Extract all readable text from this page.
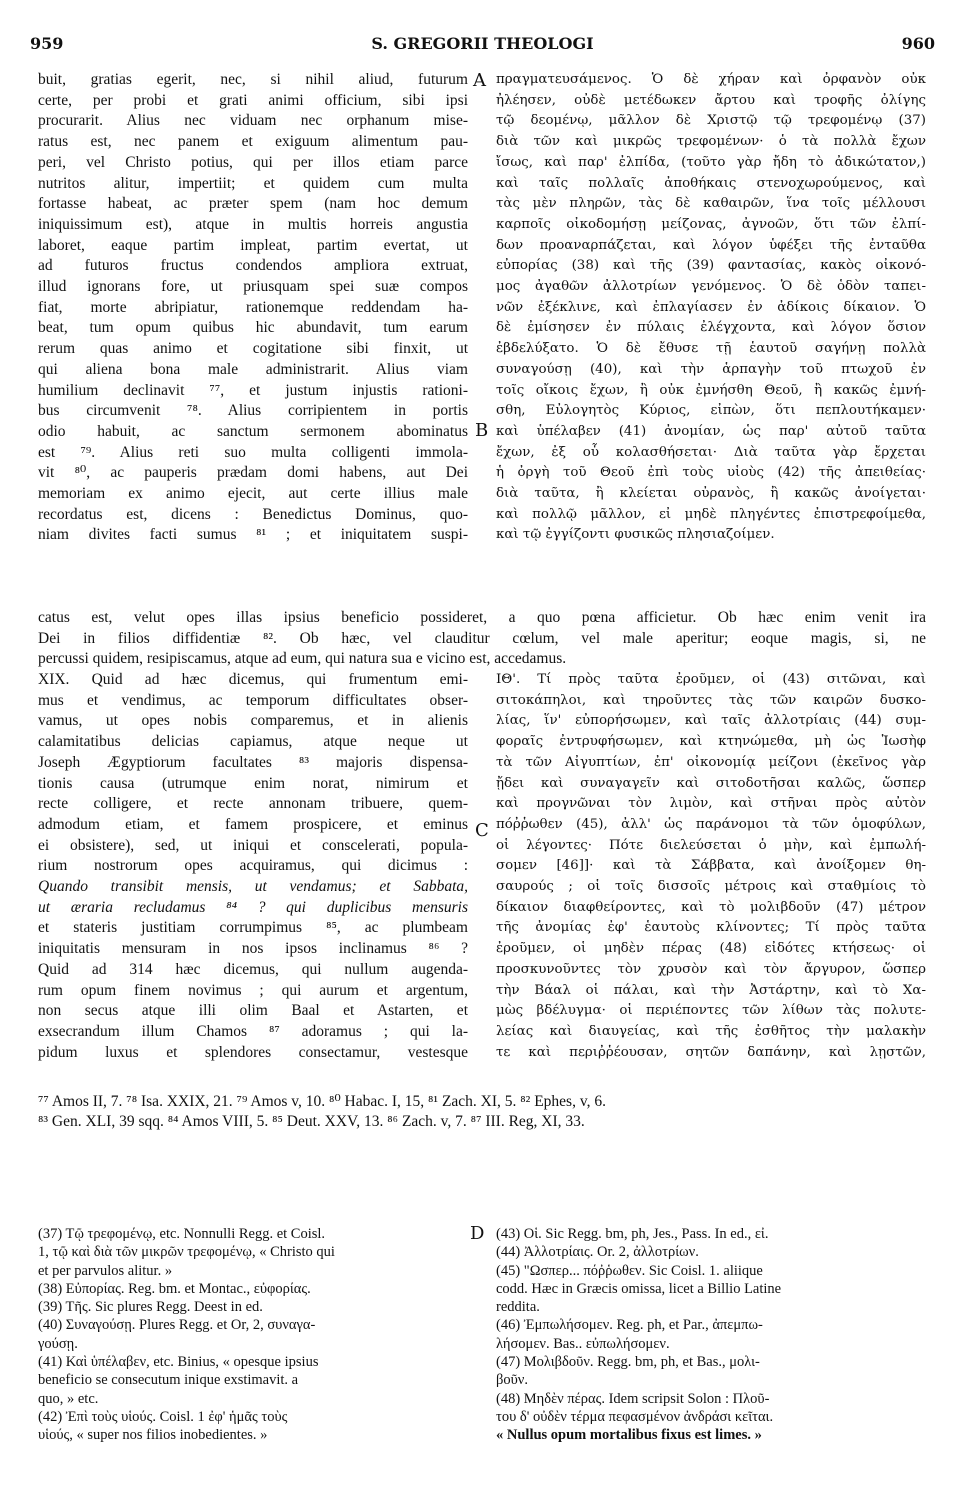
959	S. GREGORII THEOLOGI	960
buit, gratias egerit, nec, si nihil aliud, futurum
certe, per probi et grati animi officium, sibi ipsi
procurarit. Alius nec viduam nec orphanum mise-
ratus est, nec panem et exiguum alimentum pau-
peri, vel Christo potius, qui per illos etiam parce
nutritos alitur, impertiit; et quidem cum multa
fortasse habeat, ac præter spem (nam hoc demum
iniquissimum est), atque in multis horreis angustia
laboret, eaque partim impleat, partim evertat, ut
ad futuros fructus condendos ampliora extruat,
illud ignorans fore, ut priusquam spei suæ compos
fiat, morte abripiatur, rationemque reddendam ha-
beat, tum opum quibus hic abundavit, tum earum
rerum quas animo et cogitatione sibi finxit, ut
qui aliena bona male administrarit. Alius viam
humilium declinavit ⁷⁷, et justum injustis rationi-
bus circumvenit ⁷⁸. Alius corripientem in portis
odio habuit, ac sanctum sermonem abominatus
est ⁷⁹. Alius reti suo multa colligenti immola-
vit ⁸⁰, ac pauperis prædam domi habens, aut Dei
memoriam ex animo ejecit, aut certe illius male
recordatus est, dicens : Benedictus Dominus, quo-
niam divites facti sumus ⁸¹ ; et iniquitatem suspi-
A
B
πραγματευσάμενος. Ὁ δὲ χήραν καὶ ὀρφανὸν οὐκ
ἠλέησεν, οὐδὲ μετέδωκεν ἄρτου καὶ τροφῆς ὀλίγης
τῷ δεομένῳ, μᾶλλον δὲ Χριστῷ τῷ τρεφομένῳ (37)
διὰ τῶν καὶ μικρῶς τρεφομένων· ὁ τὰ πολλὰ ἔχων
ἴσως, καὶ παρ' ἐλπίδα, (τοῦτο γὰρ ἤδη τὸ ἀδικώτατον,)
καὶ ταῖς πολλαῖς ἀποθήκαις στενοχωρούμενος, καὶ
τὰς μὲν πληρῶν, τὰς δὲ καθαιρῶν, ἵνα τοῖς μέλλουσι
καρποῖς οἰκοδομήσῃ μείζονας, ἀγνοῶν, ὅτι τῶν ἐλπί-
δων προαναρπάζεται, καὶ λόγον ὑφέξει τῆς ἐνταῦθα
εὐπορίας (38) καὶ τῆς (39) φαντασίας, κακὸς οἰκονό-
μος ἀγαθῶν ἀλλοτρίων γενόμενος. Ὁ δὲ ὁδὸν ταπει-
νῶν ἐξέκλινε, καὶ ἐπλαγίασεν ἐν ἀδίκοις δίκαιον. Ὁ
δὲ ἐμίσησεν ἐν πύλαις ἐλέγχοντα, καὶ λόγον ὅσιον
ἐβδελύξατο. Ὁ δὲ ἔθυσε τῇ ἑαυτοῦ σαγήνῃ πολλὰ
συναγούσῃ (40), καὶ τὴν ἁρπαγὴν τοῦ πτωχοῦ ἐν
τοῖς οἴκοις ἔχων, ἢ οὐκ ἐμνήσθη Θεοῦ, ἢ κακῶς ἐμνή-
σθη, Εὐλογητὸς Κύριος, εἰπὼν, ὅτι πεπλουτήκαμεν·
καὶ ὑπέλαβεν (41) ἀνομίαν, ὡς παρ' αὐτοῦ ταῦτα
ἔχων, ἐξ οὗ κολασθήσεται· Διὰ ταῦτα γὰρ ἔρχεται
ἡ ὀργὴ τοῦ Θεοῦ ἐπὶ τοὺς υἱοὺς (42) τῆς ἀπειθείας·
διὰ ταῦτα, ἢ κλείεται οὐρανὸς, ἢ κακῶς ἀνοίγεται·
καὶ πολλῷ μᾶλλον, εἰ μηδὲ πληγέντες ἐπιστρεφοίμεθα,
καὶ τῷ ἐγγίζοντι φυσικῶς πλησιαζοίμεν.
catus est, velut opes illas ipsius beneficio possideret, a quo pœna afficietur. Ob hæc enim venit ira
Dei in filios diffidentiæ ⁸². Ob hæc, vel clauditur cœlum, vel male aperitur; eoque magis, si, ne
percussi quidem, resipiscamus, atque ad eum, qui natura sua e vicino est, accedamus.
XIX. Quid ad hæc dicemus, qui frumentum emi-
mus et vendimus, ac temporum difficultates obser-
vamus, ut opes nobis comparemus, et in alienis
calamitatibus delicias capiamus, atque neque ut
Joseph Ægyptiorum facultates ⁸³ majoris dispensa-
tionis causa (utrumque enim norat, nimirum et
recte colligere, et recte annonam tribuere, quem-
admodum etiam, et famem prospicere, et eminus
ei obsistere), sed, ut iniqui et conscelerati, popula-
rium nostrorum opes acquiramus, qui dicimus :
Quando transibit mensis, ut vendamus; et Sabbata,
ut æraria recludamus ⁸⁴ ? qui duplicibus mensuris
et stateris justitiam corrumpimus ⁸⁵, ac plumbeam
iniquitatis mensuram in nos ipsos inclinamus ⁸⁶ ?
Quid ad 314 hæc dicemus, qui nullum augenda-
rum opum finem novimus ; qui aurum et argentum,
non secus atque illi olim Baal et Astarten, et
exsecrandum illum Chamos ⁸⁷ adoramus ; qui la-
pidum luxus et splendores consectamur, vestesque
C
ΙΘ'. Τί πρὸς ταῦτα ἐροῦμεν, οἱ (43) σιτῶναι, καὶ
σιτοκάπηλοι, καὶ τηροῦντες τὰς τῶν καιρῶν δυσκο-
λίας, ἵν' εὐπορήσωμεν, καὶ ταῖς ἀλλοτρίαις (44) συμ-
φοραῖς ἐντρυφήσωμεν, καὶ κτηνώμεθα, μὴ ὡς Ἰωσὴφ
τὰ τῶν Αἰγυπτίων, ἐπ' οἰκονομίᾳ μείζονι (ἐκεῖνος γὰρ
ᾔδει καὶ συναγαγεῖν καὶ σιτοδοτῆσαι καλῶς, ὥσπερ
καὶ προγνῶναι τὸν λιμὸν, καὶ στῆναι πρὸς αὐτὸν
πόῤῥωθεν (45), ἀλλ' ὡς παράνομοι τὰ τῶν ὁμοφύλων,
οἱ λέγοντες· Πότε διελεύσεται ὁ μὴν, καὶ ἐμπωλή-
σομεν [46]]· καὶ τὰ Σάββατα, καὶ ἀνοίξομεν θη-
σαυρούς ; οἱ τοῖς δισσοῖς μέτροις καὶ σταθμίοις τὸ
δίκαιον διαφθείροντες, καὶ τὸ μολιβδοῦν (47) μέτρον
τῆς ἀνομίας ἐφ' ἑαυτοὺς κλίνοντες; Τί πρὸς ταῦτα
ἐροῦμεν, οἱ μηδὲν πέρας (48) εἰδότες κτήσεως· οἱ
προσκυνοῦντες τὸν χρυσὸν καὶ τὸν ἄργυρον, ὥσπερ
τὴν Βάαλ οἱ πάλαι, καὶ τὴν Ἀστάρτην, καὶ τὸ Χα-
μὼς βδέλυγμα· οἱ περιέποντες τῶν λίθων τὰς πολυτε-
λείας καὶ διαυγείας, καὶ τῆς ἐσθῆτος τὴν μαλακὴν
τε καὶ περιῤῥέουσαν, σητῶν δαπάνην, καὶ λῃστῶν,
⁷⁷ Amos II, 7. ⁷⁸ Isa. XXIX, 21. ⁷⁹ Amos v, 10. ⁸⁰ Habac. I, 15, ⁸¹ Zach. XI, 5. ⁸² Ephes, v, 6.
⁸³ Gen. XLI, 39 sqq. ⁸⁴ Amos VIII, 5. ⁸⁵ Deut. XXV, 13. ⁸⁶ Zach. v, 7. ⁸⁷ III. Reg, XI, 33.
D
(37) Τῷ τρεφομένῳ, etc. Nonnulli Regg. et Coisl.
1, τῷ καὶ διὰ τῶν μικρῶν τρεφομένῳ, « Christo qui
et per parvulos alitur. »
(38) Εὐπορίας. Reg. bm. et Montac., εὐφορίας.
(39) Τῆς. Sic plures Regg. Deest in ed.
(40) Συναγούσῃ. Plures Regg. et Or, 2, συναγα-
γούσῃ.
(41) Καὶ ὑπέλαβεν, etc. Binius, « opesque ipsius
beneficio se consecutum inique exstimavit. a
quo, » etc.
(42) Ἐπὶ τοὺς υἱούς. Coisl. 1 ἐφ' ἡμᾶς τοὺς
υἱούς, « super nos filios inobedientes. »
(43) Οἱ. Sic Regg. bm, ph, Jes., Pass. In ed., εἰ.
(44) Ἀλλοτρίαις. Or. 2, ἀλλοτρίων.
(45) "Ωσπερ... πόῤῥωθεν. Sic Coisl. 1. aliique
codd. Hæc in Græcis omissa, licet a Billio Latine
reddita.
(46) Ἐμπωλήσομεν. Reg. ph, et Par., ἀπεμπω-
λήσομεν. Bas.. εὐπωλήσομεν.
(47) Μολιβδοῦν. Regg. bm, ph, et Bas., μολι-
βοῦν.
(48) Μηδὲν πέρας. Idem scripsit Solon : Πλοῦ-
του δ' οὐδὲν τέρμα πεφασμένον ἀνδράσι κεῖται.
« Nullus opum mortalibus fixus est limes. »
